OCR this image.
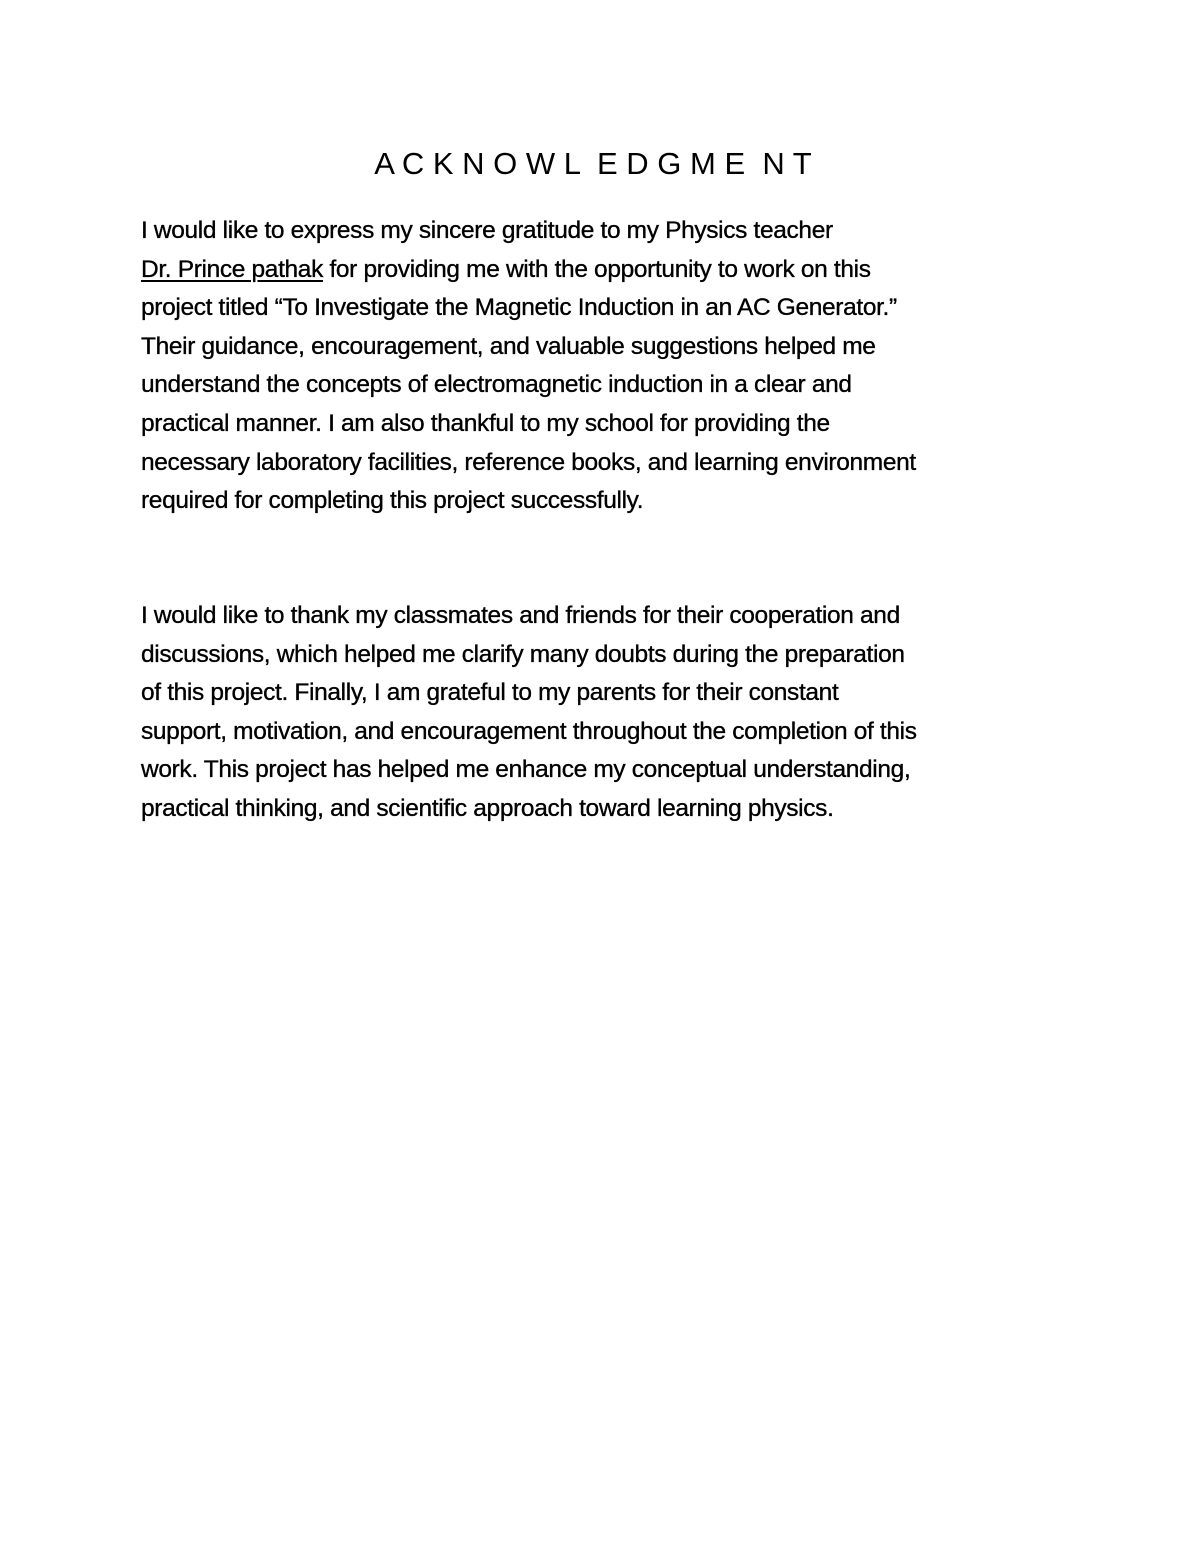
A C K N O W L  E D G M E  N T
I would like to express my sincere gratitude to my Physics teacher
Dr. Prince pathak for providing me with the opportunity to work on this
project titled “To Investigate the Magnetic Induction in an AC Generator.”
Their guidance, encouragement, and valuable suggestions helped me
understand the concepts of electromagnetic induction in a clear and
practical manner. I am also thankful to my school for providing the
necessary laboratory facilities, reference books, and learning environment
required for completing this project successfully.
I would like to thank my classmates and friends for their cooperation and
discussions, which helped me clarify many doubts during the preparation
of this project. Finally, I am grateful to my parents for their constant
support, motivation, and encouragement throughout the completion of this
work. This project has helped me enhance my conceptual understanding,
practical thinking, and scientific approach toward learning physics.
